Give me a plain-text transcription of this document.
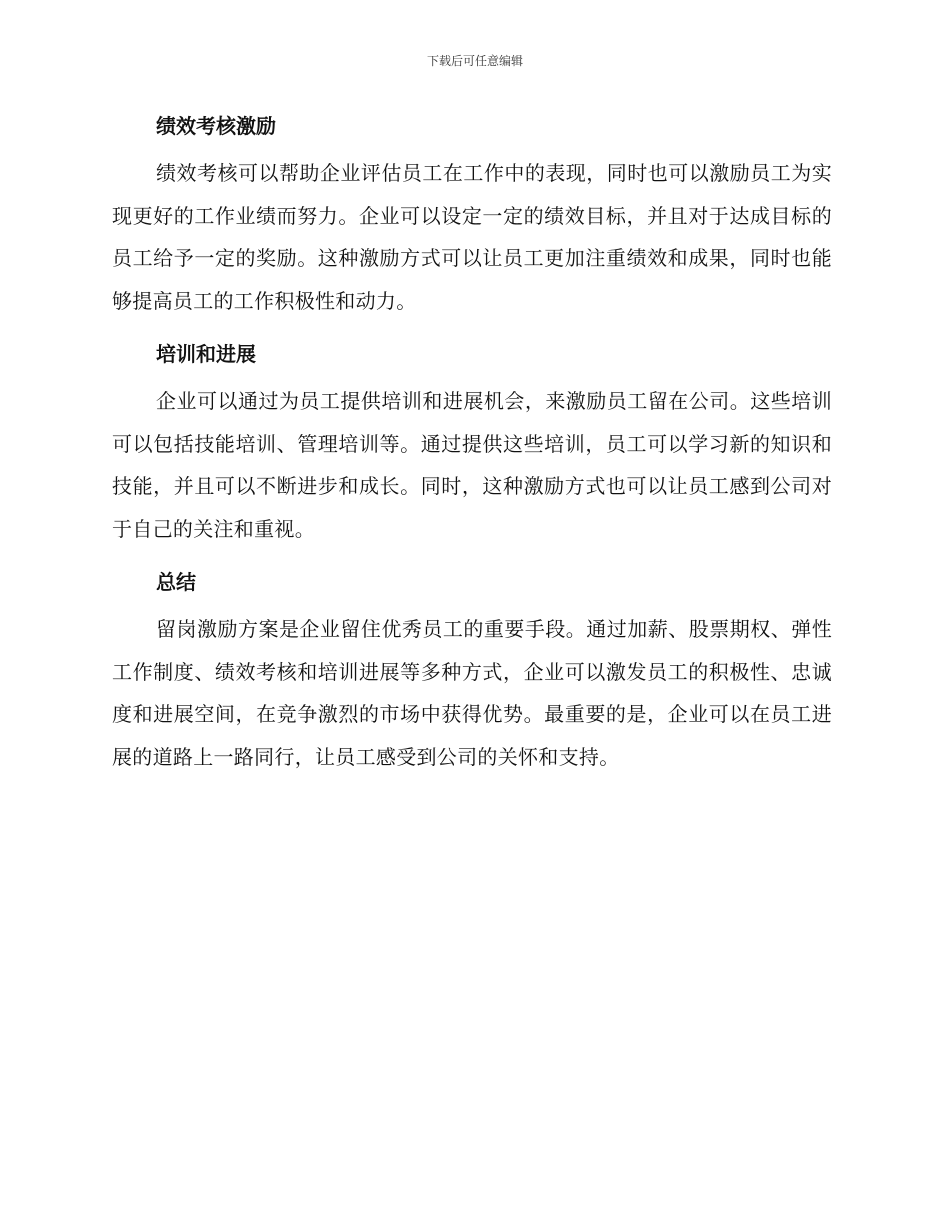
下载后可任意编辑
绩效考核激励

绩效考核可以帮助企业评估员工在工作中的表现，同时也可以激励员工为实现更好的工作业绩而努力。企业可以设定一定的绩效目标，并且对于达成目标的员工给予一定的奖励。这种激励方式可以让员工更加注重绩效和成果，同时也能够提高员工的工作积极性和动力。

培训和进展

企业可以通过为员工提供培训和进展机会，来激励员工留在公司。这些培训可以包括技能培训、管理培训等。通过提供这些培训，员工可以学习新的知识和技能，并且可以不断进步和成长。同时，这种激励方式也可以让员工感到公司对于自己的关注和重视。

总结

留岗激励方案是企业留住优秀员工的重要手段。通过加薪、股票期权、弹性工作制度、绩效考核和培训进展等多种方式，企业可以激发员工的积极性、忠诚度和进展空间，在竞争激烈的市场中获得优势。最重要的是，企业可以在员工进展的道路上一路同行，让员工感受到公司的关怀和支持。
